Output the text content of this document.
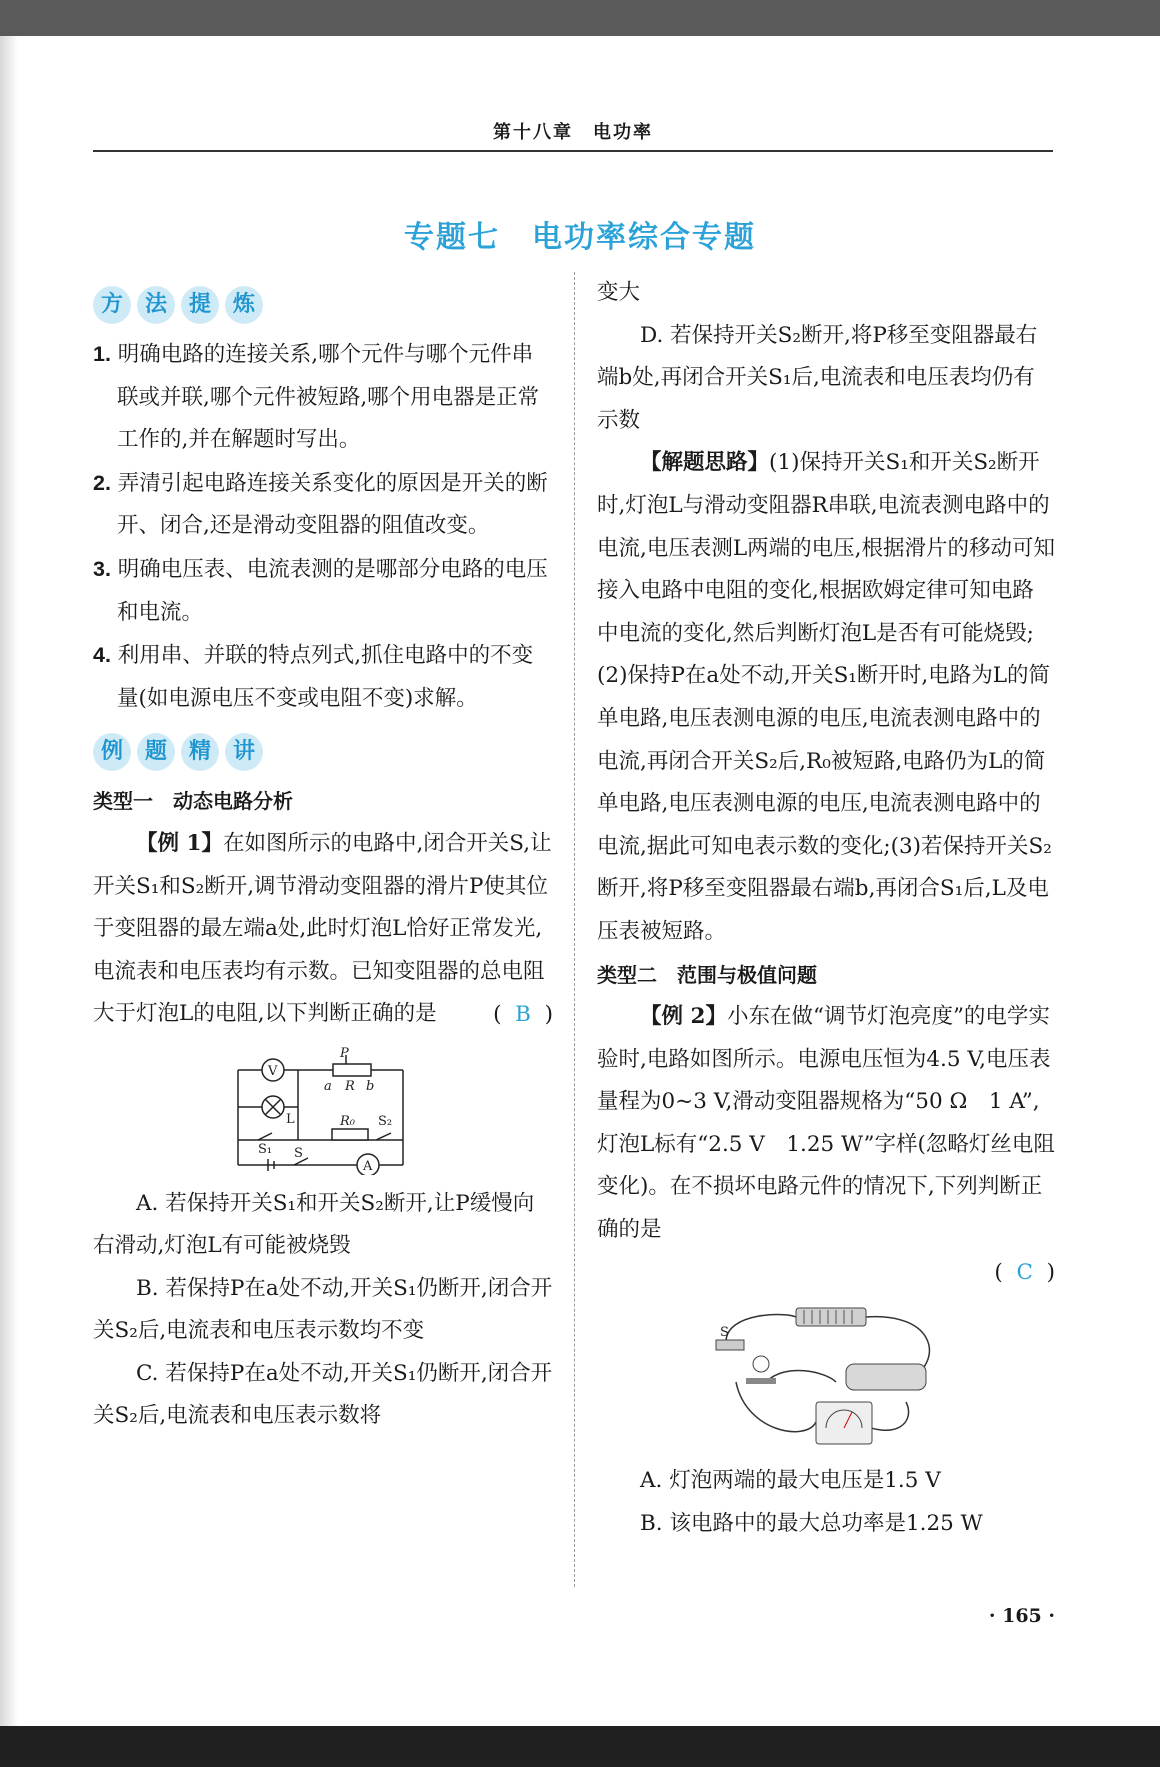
第十八章　电功率
专题七　电功率综合专题
方 法 提 炼
1. 明确电路的连接关系,哪个元件与哪个元件串联或并联,哪个元件被短路,哪个用电器是正常工作的,并在解题时写出。
2. 弄清引起电路连接关系变化的原因是开关的断开、闭合,还是滑动变阻器的阻值改变。
3. 明确电压表、电流表测的是哪部分电路的电压和电流。
4. 利用串、并联的特点列式,抓住电路中的不变量(如电源电压不变或电阻不变)求解。
例 题 精 讲
类型一　动态电路分析
【例 1】在如图所示的电路中,闭合开关S,让开关S₁和S₂断开,调节滑动变阻器的滑片P使其位于变阻器的最左端a处,此时灯泡L恰好正常发光,电流表和电压表均有示数。已知变阻器的总电阻大于灯泡L的电阻,以下判断正确的是	( B )
V
A
P
a R b
L	R₀ S₂
S₁ S
A. 若保持开关S₁和开关S₂断开,让P缓慢向右滑动,灯泡L有可能被烧毁
B. 若保持P在a处不动,开关S₁仍断开,闭合开关S₂后,电流表和电压表示数均不变
C. 若保持P在a处不动,开关S₁仍断开,闭合开关S₂后,电流表和电压表示数将
变大
D. 若保持开关S₂断开,将P移至变阻器最右端b处,再闭合开关S₁后,电流表和电压表均仍有示数
【解题思路】(1)保持开关S₁和开关S₂断开时,灯泡L与滑动变阻器R串联,电流表测电路中的电流,电压表测L两端的电压,根据滑片的移动可知接入电路中电阻的变化,根据欧姆定律可知电路中电流的变化,然后判断灯泡L是否有可能烧毁;(2)保持P在a处不动,开关S₁断开时,电路为L的简单电路,电压表测电源的电压,电流表测电路中的电流,再闭合开关S₂后,R₀被短路,电路仍为L的简单电路,电压表测电源的电压,电流表测电路中的电流,据此可知电表示数的变化;(3)若保持开关S₂断开,将P移至变阻器最右端b,再闭合S₁后,L及电压表被短路。
类型二　范围与极值问题
【例 2】小东在做“调节灯泡亮度”的电学实验时,电路如图所示。电源电压恒为4.5 V,电压表量程为0~3 V,滑动变阻器规格为“50 Ω　1 A”,灯泡L标有“2.5 V　1.25 W”字样(忽略灯丝电阻变化)。在不损坏电路元件的情况下,下列判断正确的是
( C )
S
A. 灯泡两端的最大电压是1.5 V
B. 该电路中的最大总功率是1.25 W
· 165 ·
